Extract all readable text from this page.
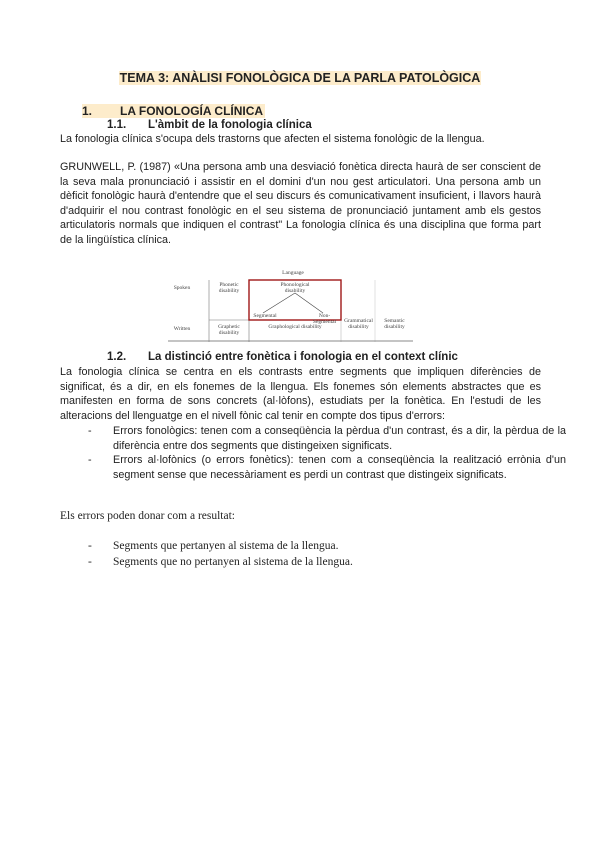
TEMA 3: ANÀLISI FONOLÒGICA DE LA PARLA PATOLÒGICA
1. LA FONOLOGÍA CLÍNICA
1.1. L'àmbit de la fonologia clínica
La fonologia clínica s'ocupa dels trastorns que afecten el sistema fonològic de la llengua.
GRUNWELL, P. (1987) «Una persona amb una desviació fonètica directa haurà de ser conscient de la seva mala pronunciació i assistir en el domini d'un nou gest articulatori. Una persona amb un dèficit fonològic haurà d'entendre que el seu discurs és comunicativament insuficient, i llavors haurà d'adquirir el nou contrast fonològic en el seu sistema de pronunciació juntament amb els gestos articulatoris normals que indiquen el contrast" La fonologia clínica és una disciplina que forma part de la lingüística clínica.
Language
Spoken
Written
Phonetic disability
Phonological disability
Segmental	Non-Segmental	Grammatical disability
Semantic disability
Graphetic disability
Graphological disability
1.2. La distinció entre fonètica i fonologia en el context clínic
La fonologia clínica se centra en els contrasts entre segments que impliquen diferències de significat, és a dir, en els fonemes de la llengua. Els fonemes són elements abstractes que es manifesten en forma de sons concrets (al·lòfons), estudiats per la fonètica. En l'estudi de les alteracions del llenguatge en el nivell fònic cal tenir en compte dos tipus d'errors:
- Errors fonològics: tenen com a conseqüència la pèrdua d'un contrast, és a dir, la pèrdua de la diferència entre dos segments que distingeixen significats.
- Errors al·lofònics (o errors fonètics): tenen com a conseqüència la realització errònia d'un segment sense que necessàriament es perdi un contrast que distingeix significats.
Els errors poden donar com a resultat:
- Segments que pertanyen al sistema de la llengua.
- Segments que no pertanyen al sistema de la llengua.
